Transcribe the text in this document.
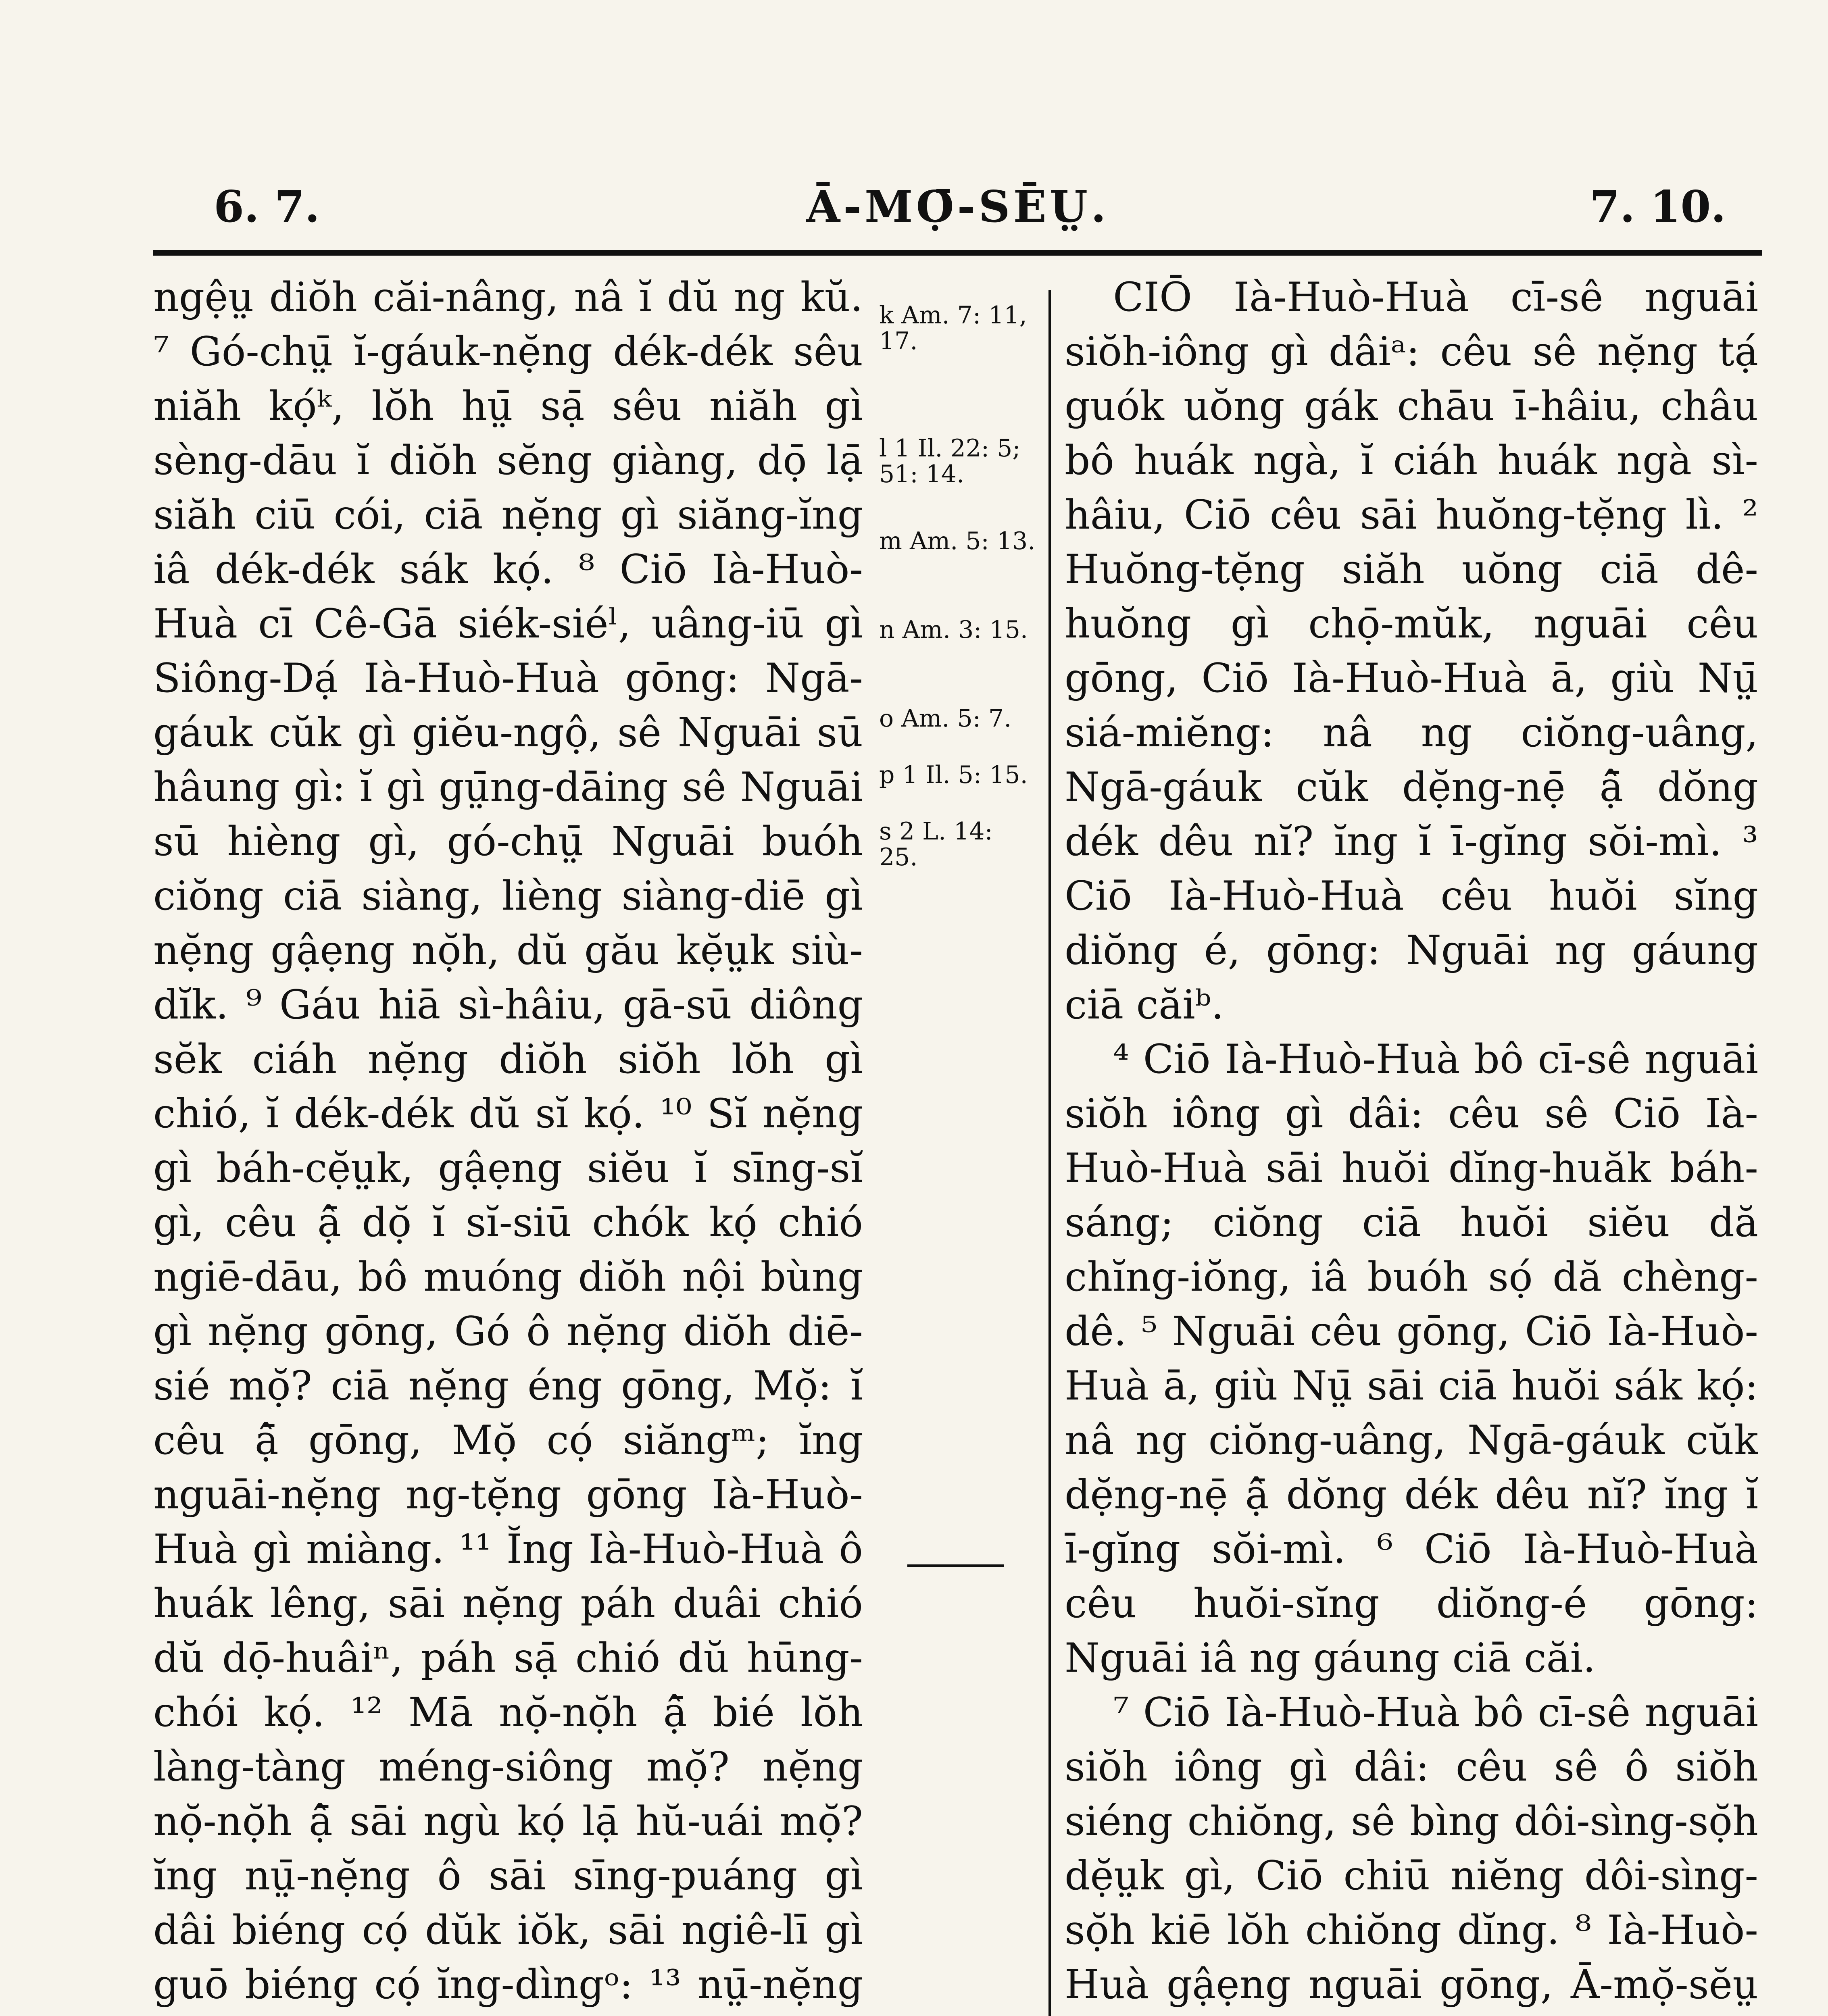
6. 7.	Ā-MỌ̄-SĒṲ.	7. 10.

ngệṳ diŏh căi-nâng, nâ ĭ dŭ ng kŭ. ⁷ Gó-chṳ̄ ĭ-gáuk-nẹ̆ng dék-dék sêu niăh kọ́ᵏ, lŏh hṳ̄ sạ̄ sêu niăh gì sèng-dāu ĭ diŏh sĕng giàng, dọ̄ lạ̄ siăh ciū cói, ciā nẹ̆ng gì siăng-ĭng iâ dék-dék sák kọ́. ⁸ Ciō Ià-Huò-Huà cī Cê-Gā siék-siéˡ, uâng-iū gì Siông-Dạ́ Ià-Huò-Huà gōng: Ngā-gáuk cŭk gì giĕu-ngộ, sê Nguāi sū hâung gì: ĭ gì gṳ̄ng-dāing sê Nguāi sū hièng gì, gó-chṳ̄ Nguāi buóh ciŏng ciā siàng, lièng siàng-diē gì nẹ̆ng gậẹng nọ̆h, dŭ gău kẹ̆ṳk siù-dĭk. ⁹ Gáu hiā sì-hâiu, gā-sū diông sĕk ciáh nẹ̆ng diŏh siŏh lŏh gì chió, ĭ dék-dék dŭ sĭ kọ́. ¹⁰ Sĭ nẹ̆ng gì báh-cẹ̆ṳk, gậẹng siĕu ĭ sīng-sĭ gì, cêu ậ̄ dọ̆ ĭ sĭ-siū chók kọ́ chió ngiē-dāu, bô muóng diŏh nội bùng gì nẹ̆ng gōng, Gó ô nẹ̆ng diŏh diē-sié mọ̆? ciā nẹ̆ng éng gōng, Mọ̆: ĭ cêu ậ̄ gōng, Mọ̆ cọ́ siăngᵐ; ĭng nguāi-nẹ̆ng ng-tẹ̆ng gōng Ià-Huò-Huà gì miàng. ¹¹ Ĭng Ià-Huò-Huà ô huák lêng, sāi nẹ̆ng páh duâi chió dŭ dọ̄-huâiⁿ, páh sạ̄ chió dŭ hūng-chói kọ́. ¹² Mā nọ̆-nọ̆h ậ̄ bié lŏh làng-tàng méng-siông mọ̆? nẹ̆ng nọ̆-nọ̆h ậ̄ sāi ngù kọ́ lạ̄ hŭ-uái mọ̆? ĭng nṳ̄-nẹ̆ng ô sāi sīng-puáng gì dâi biéng cọ́ dŭk iŏk, sāi ngiê-lī gì guō biéng cọ́ ĭng-dìngᵒ: ¹³ nṳ̄-nẹ̆ng

k Am. 7: 11, 17.
l 1 Il. 22: 5; 51: 14.
m Am. 5: 13.
n Am. 3: 15.
o Am. 5: 7.
p 1 Il. 5: 15.
s 2 L. 14: 25.

CIŌ Ià-Huò-Huà cī-sê nguāi siŏh-iông gì dâiᵃ: cêu sê nẹ̆ng tạ́ guók uŏng gák chāu ī-hâiu, châu bô huák ngà, ĭ ciáh huák ngà sì-hâiu, Ciō cêu sāi huŏng-tẹ̆ng lì. ² Huŏng-tẹ̆ng siăh uŏng ciā dê-huŏng gì chọ̄-mŭk, nguāi cêu gōng, Ciō Ià-Huò-Huà ā, giù Nṳ̄ siá-miĕng: nâ ng ciŏng-uâng, Ngā-gáuk cŭk dẹ̆ng-nẹ̄ ậ̄ dŏng dék dêu nĭ? ĭng ĭ ī-gĭng sŏi-mì. ³ Ciō Ià-Huò-Huà cêu huŏi sĭng diŏng é, gōng: Nguāi ng gáung ciā căiᵇ.

⁴ Ciō Ià-Huò-Huà bô cī-sê nguāi siŏh iông gì dâi: cêu sê Ciō Ià-Huò-Huà sāi huŏi dĭng-huăk báh-sáng; ciŏng ciā huŏi siĕu dă chĭng-iŏng, iâ buóh sọ́ dă chèng-dê. ⁵ Nguāi cêu gōng, Ciō Ià-Huò-Huà ā, giù Nṳ̄ sāi ciā huŏi sák kọ́: nâ ng ciŏng-uâng, Ngā-gáuk cŭk dẹ̆ng-nẹ̄ ậ̄ dŏng dék dêu nĭ? ĭng ĭ ī-gĭng sŏi-mì. ⁶ Ciō Ià-Huò-Huà cêu huŏi-sĭng diŏng-é gōng: Nguāi iâ ng gáung ciā căi.

⁷ Ciō Ià-Huò-Huà bô cī-sê nguāi siŏh iông gì dâi: cêu sê ô siŏh siéng chiŏng, sê bìng dôi-sìng-sọ̆h dẹ̆ṳk gì, Ciō chiū niĕng dôi-sìng-sọ̆h kiē lŏh chiŏng dĭng. ⁸ Ià-Huò-Huà gậẹng nguāi gōng, Ā-mọ̆-sĕṳ
